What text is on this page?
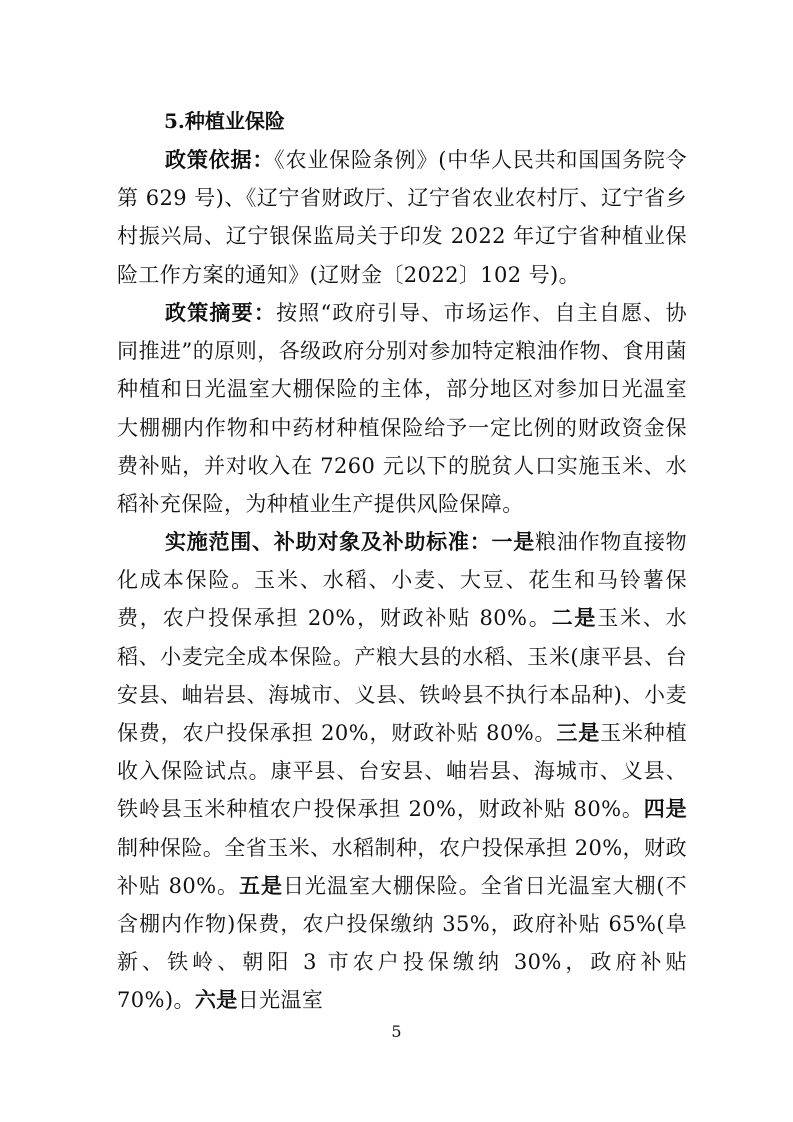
5.种植业保险

政策依据：《农业保险条例》(中华人民共和国国务院令第 629 号)、《辽宁省财政厅、辽宁省农业农村厅、辽宁省乡村振兴局、辽宁银保监局关于印发 2022 年辽宁省种植业保险工作方案的通知》(辽财金〔2022〕102 号)。

政策摘要：按照“政府引导、市场运作、自主自愿、协同推进”的原则，各级政府分别对参加特定粮油作物、食用菌种植和日光温室大棚保险的主体，部分地区对参加日光温室大棚棚内作物和中药材种植保险给予一定比例的财政资金保费补贴，并对收入在 7260 元以下的脱贫人口实施玉米、水稻补充保险，为种植业生产提供风险保障。

实施范围、补助对象及补助标准：一是粮油作物直接物化成本保险。玉米、水稻、小麦、大豆、花生和马铃薯保费，农户投保承担 20%，财政补贴 80%。二是玉米、水稻、小麦完全成本保险。产粮大县的水稻、玉米(康平县、台安县、岫岩县、海城市、义县、铁岭县不执行本品种)、小麦保费，农户投保承担 20%，财政补贴 80%。三是玉米种植收入保险试点。康平县、台安县、岫岩县、海城市、义县、铁岭县玉米种植农户投保承担 20%，财政补贴 80%。四是制种保险。全省玉米、水稻制种，农户投保承担 20%，财政补贴 80%。五是日光温室大棚保险。全省日光温室大棚(不含棚内作物)保费，农户投保缴纳 35%，政府补贴 65%(阜新、铁岭、朝阳 3 市农户投保缴纳 30%，政府补贴 70%)。六是日光温室

5
